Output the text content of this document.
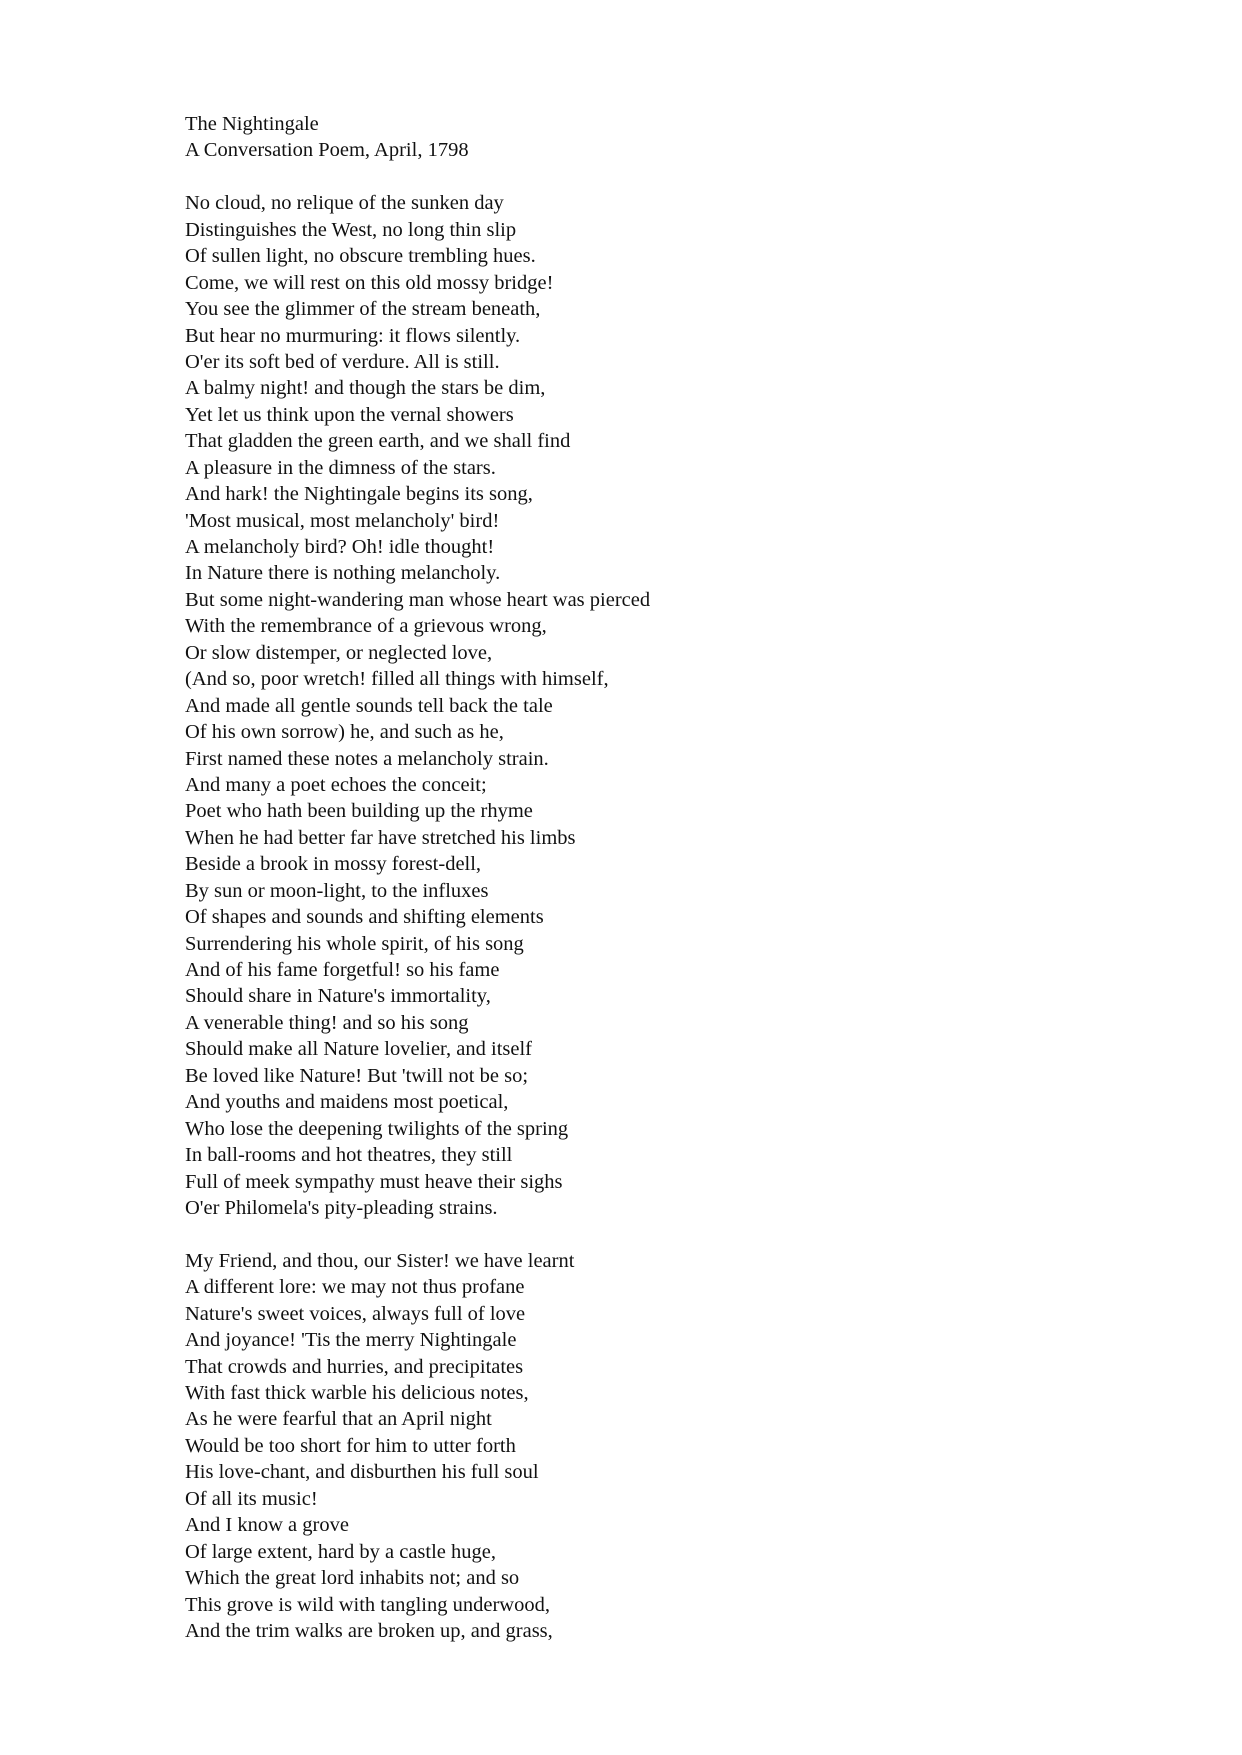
The Nightingale
A Conversation Poem, April, 1798
No cloud, no relique of the sunken day
Distinguishes the West, no long thin slip
Of sullen light, no obscure trembling hues.
Come, we will rest on this old mossy bridge!
You see the glimmer of the stream beneath,
But hear no murmuring: it flows silently.
O'er its soft bed of verdure. All is still.
A balmy night! and though the stars be dim,
Yet let us think upon the vernal showers
That gladden the green earth, and we shall find
A pleasure in the dimness of the stars.
And hark! the Nightingale begins its song,
'Most musical, most melancholy' bird!
A melancholy bird? Oh! idle thought!
In Nature there is nothing melancholy.
But some night-wandering man whose heart was pierced
With the remembrance of a grievous wrong,
Or slow distemper, or neglected love,
(And so, poor wretch! filled all things with himself,
And made all gentle sounds tell back the tale
Of his own sorrow) he, and such as he,
First named these notes a melancholy strain.
And many a poet echoes the conceit;
Poet who hath been building up the rhyme
When he had better far have stretched his limbs
Beside a brook in mossy forest-dell,
By sun or moon-light, to the influxes
Of shapes and sounds and shifting elements
Surrendering his whole spirit, of his song
And of his fame forgetful! so his fame
Should share in Nature's immortality,
A venerable thing! and so his song
Should make all Nature lovelier, and itself
Be loved like Nature! But 'twill not be so;
And youths and maidens most poetical,
Who lose the deepening twilights of the spring
In ball-rooms and hot theatres, they still
Full of meek sympathy must heave their sighs
O'er Philomela's pity-pleading strains.
My Friend, and thou, our Sister! we have learnt
A different lore: we may not thus profane
Nature's sweet voices, always full of love
And joyance! 'Tis the merry Nightingale
That crowds and hurries, and precipitates
With fast thick warble his delicious notes,
As he were fearful that an April night
Would be too short for him to utter forth
His love-chant, and disburthen his full soul
Of all its music!
And I know a grove
Of large extent, hard by a castle huge,
Which the great lord inhabits not; and so
This grove is wild with tangling underwood,
And the trim walks are broken up, and grass,
